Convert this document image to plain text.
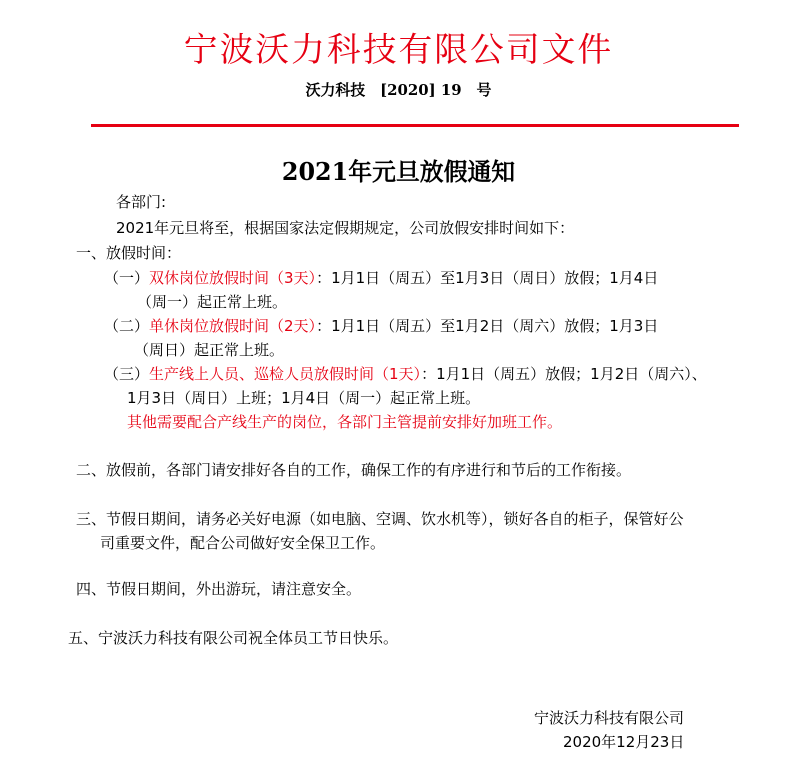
宁波沃力科技有限公司文件
沃力科技　[2020] 19　号
2021年元旦放假通知
各部门:
2021年元旦将至，根据国家法定假期规定，公司放假安排时间如下：
一、放假时间：
（一）双休岗位放假时间（3天）：1月1日（周五）至1月3日（周日）放假；1月4日
（周一）起正常上班。
（二）单休岗位放假时间（2天）：1月1日（周五）至1月2日（周六）放假；1月3日
（周日）起正常上班。
（三）生产线上人员、巡检人员放假时间（1天）：1月1日（周五）放假；1月2日（周六）、
1月3日（周日）上班；1月4日（周一）起正常上班。
其他需要配合产线生产的岗位，各部门主管提前安排好加班工作。
二、放假前，各部门请安排好各自的工作，确保工作的有序进行和节后的工作衔接。
三、节假日期间，请务必关好电源（如电脑、空调、饮水机等），锁好各自的柜子，保管好公
司重要文件，配合公司做好安全保卫工作。
四、节假日期间，外出游玩，请注意安全。
五、宁波沃力科技有限公司祝全体员工节日快乐。
宁波沃力科技有限公司
2020年12月23日
